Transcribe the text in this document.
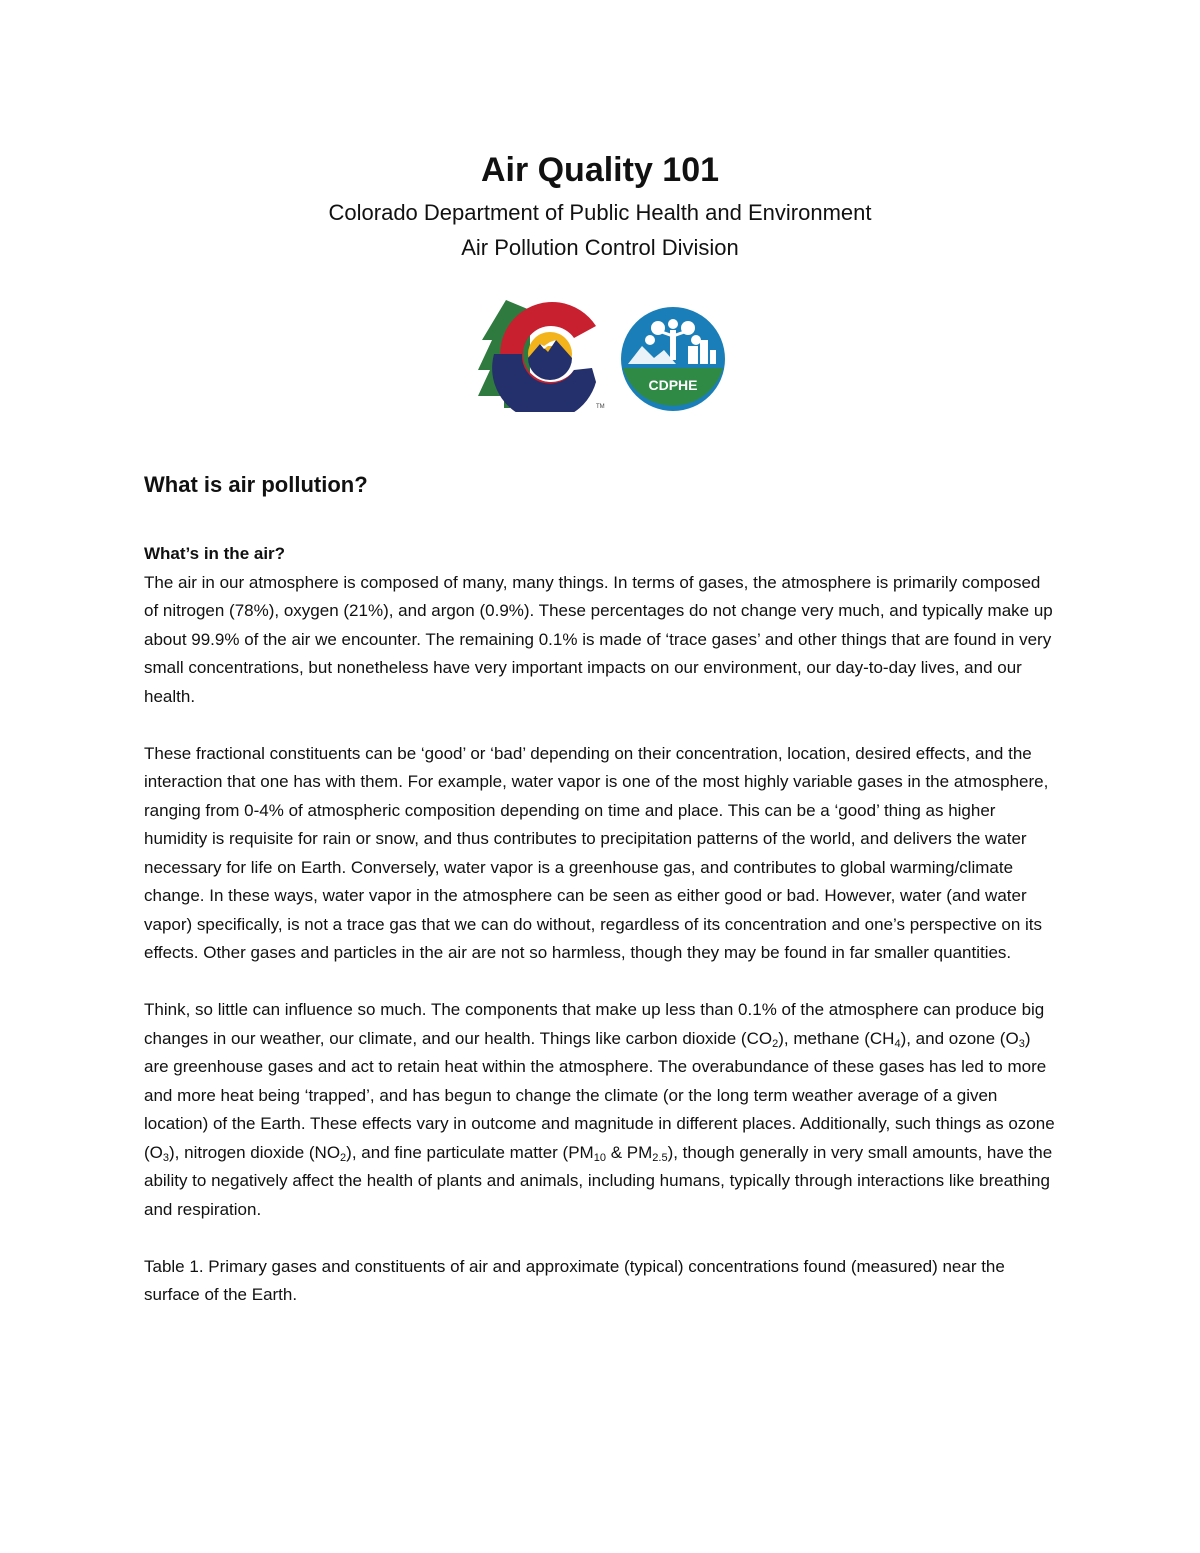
Air Quality 101
Colorado Department of Public Health and Environment
Air Pollution Control Division
TM
CDPHE
What is air pollution?

What’s in the air?

The air in our atmosphere is composed of many, many things. In terms of gases, the atmosphere is primarily composed of nitrogen (78%), oxygen (21%), and argon (0.9%). These percentages do not change very much, and typically make up about 99.9% of the air we encounter. The remaining 0.1% is made of ‘trace gases’ and other things that are found in very small concentrations, but nonetheless have very important impacts on our environment, our day-to-day lives, and our health.

These fractional constituents can be ‘good’ or ‘bad’ depending on their concentration, location, desired effects, and the interaction that one has with them. For example, water vapor is one of the most highly variable gases in the atmosphere, ranging from 0-4% of atmospheric composition depending on time and place. This can be a ‘good’ thing as higher humidity is requisite for rain or snow, and thus contributes to precipitation patterns of the world, and delivers the water necessary for life on Earth. Conversely, water vapor is a greenhouse gas, and contributes to global warming/climate change. In these ways, water vapor in the atmosphere can be seen as either good or bad. However, water (and water vapor) specifically, is not a trace gas that we can do without, regardless of its concentration and one’s perspective on its effects. Other gases and particles in the air are not so harmless, though they may be found in far smaller quantities.

Think, so little can influence so much. The components that make up less than 0.1% of the atmosphere can produce big changes in our weather, our climate, and our health. Things like carbon dioxide $(CO_2)$, methane $(CH_4)$, and ozone $(O_3)$ are greenhouse gases and act to retain heat within the atmosphere. The overabundance of these gases has led to more and more heat being ‘trapped’, and has begun to change the climate (or the long term weather average of a given location) of the Earth. These effects vary in outcome and magnitude in different places. Additionally, such things as ozone $(O_3)$, nitrogen dioxide $(NO_2)$, and fine particulate matter ($PM_{10}$ & $PM_{2.5}$), though generally in very small amounts, have the ability to negatively affect the health of plants and animals, including humans, typically through interactions like breathing and respiration.

Table 1. Primary gases and constituents of air and approximate (typical) concentrations found (measured) near the surface of the Earth.
